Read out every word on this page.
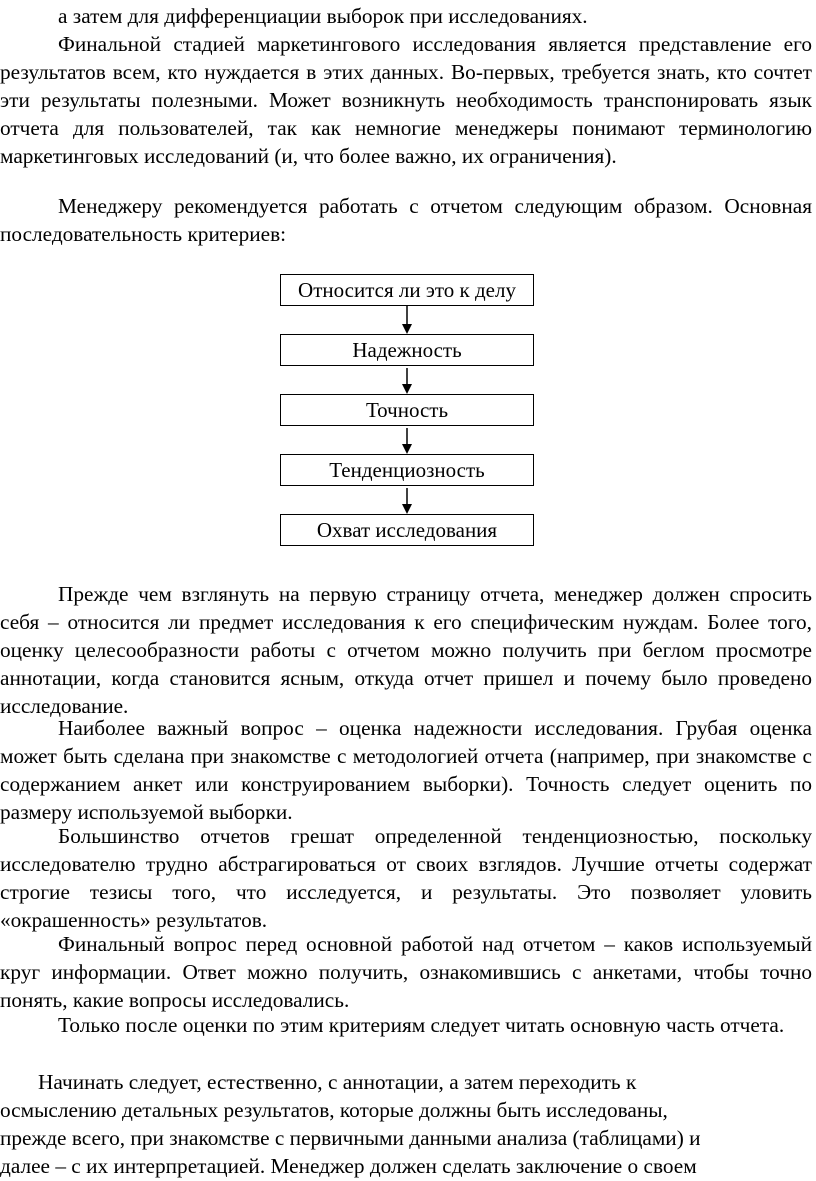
а затем для дифференциации выборок при исследованиях.

Финальной стадией маркетингового исследования является представление его результатов всем, кто нуждается в этих данных. Во-первых, требуется знать, кто сочтет эти результаты полезными. Может возникнуть необходимость транспонировать язык отчета для пользователей, так как немногие менеджеры понимают терминологию маркетинговых исследований (и, что более важно, их ограничения).

Менеджеру рекомендуется работать с отчетом следующим образом. Основная последовательность критериев:

Относится ли это к делу
Надежность
Точность
Тенденциозность
Охват исследования

Прежде чем взглянуть на первую страницу отчета, менеджер должен спросить себя – относится ли предмет исследования к его специфическим нуждам. Более того, оценку целесообразности работы с отчетом можно получить при беглом просмотре аннотации, когда становится ясным, откуда отчет пришел и почему было проведено исследование.

Наиболее важный вопрос – оценка надежности исследования. Грубая оценка может быть сделана при знакомстве с методологией отчета (например, при знакомстве с содержанием анкет или конструированием выборки). Точность следует оценить по размеру используемой выборки.

Большинство отчетов грешат определенной тенденциозностью, поскольку исследователю трудно абстрагироваться от своих взглядов. Лучшие отчеты содержат строгие тезисы того, что исследуется, и результаты. Это позволяет уловить «окрашенность» результатов.

Финальный вопрос перед основной работой над отчетом – каков используемый круг информации. Ответ можно получить, ознакомившись с анкетами, чтобы точно понять, какие вопросы исследовались.

Только после оценки по этим критериям следует читать основную часть отчета.

Начинать следует, естественно, с аннотации, а затем переходить к
осмыслению детальных результатов, которые должны быть исследованы,
прежде всего, при знакомстве с первичными данными анализа (таблицами) и
далее – с их интерпретацией. Менеджер должен сделать заключение о своем
